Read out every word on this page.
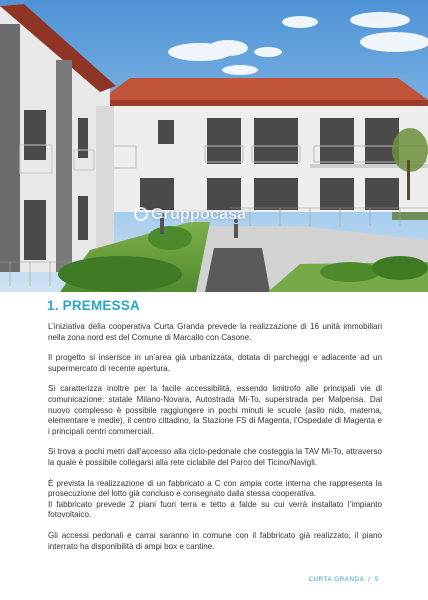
Gruppocasa
1. PREMESSA

L’iniziativa della cooperativa Curta Granda prevede la realizzazione di 16 unità immobiliari nella zona nord est del Comune di Marcallo con Casone.

Il progetto si inserisce in un’area già urbanizzata, dotata di parcheggi e adiacente ad un supermercato di recente apertura.

Si caratterizza inoltre per la facile accessibilità, essendo limitrofo alle principali vie di comunicazione: statale Milano-Novara, Autostrada Mi-To, superstrada per Malpensa. Dal nuovo complesso è possibile raggiungere in pochi minuti le scuole (asilo nido, materna, elementare e medie), il centro cittadino, la Stazione FS di Magenta, l’Ospedale di Magenta e i principali centri commerciali.

Si trova a pochi metri dall’accesso alla ciclo-pedonale che costeggia la TAV Mi-To, attraverso la quale è possibile collegarsi alla rete ciclabile del Parco del Ticino/Navigli.

È prevista la realizzazione di un fabbricato a C con ampia corte interna che rappresenta la prosecuzione del lotto già concluso e consegnato dalla stessa cooperativa.

Il fabbricato prevede 2 piani fuori terra e tetto a falde su cui verrà installato l’impianto fotovoltaico.

Gli accessi pedonali e carrai saranno in comune con il fabbricato già realizzato, il piano interrato ha disponibilità di ampi box e cantine.

CURTA GRANDA / 5
